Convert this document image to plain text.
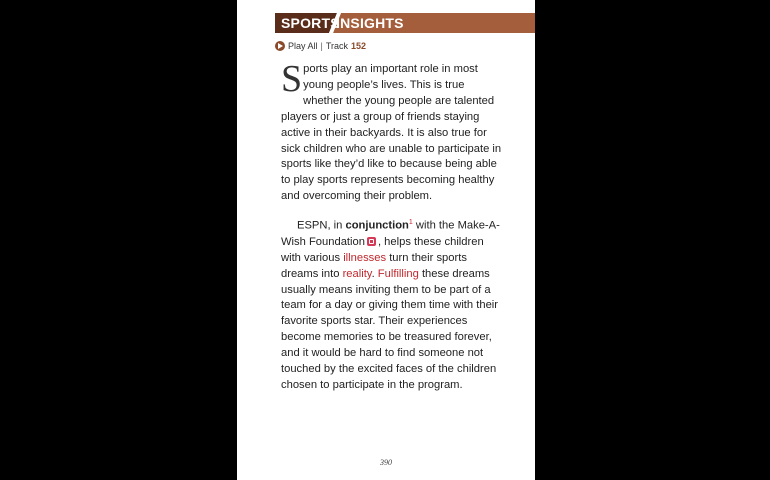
SPORTS
INSIGHTS
Play All | Track 152

Sports play an important role in most young people’s lives. This is true whether the young people are talented players or just a group of friends staying active in their backyards. It is also true for sick children who are unable to participate in sports like they’d like to because being able to play sports represents becoming healthy and overcoming their problem.

ESPN, in conjunction$^1$ with the Make-A-Wish Foundation , helps these children with various illnesses turn their sports dreams into reality. Fulfilling these dreams usually means inviting them to be part of a team for a day or giving them time with their favorite sports star. Their experiences become memories to be treasured forever, and it would be hard to find someone not touched by the excited faces of the children chosen to participate in the program.

390
